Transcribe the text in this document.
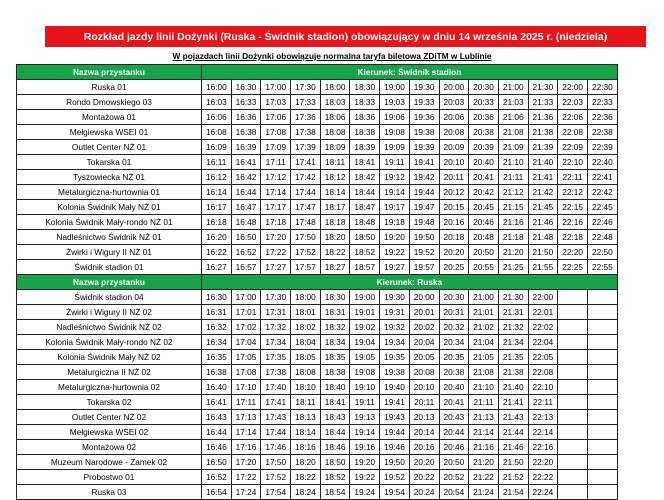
Rozkład jazdy linii Dożynki (Ruska - Świdnik stadion) obowiązujący w dniu 14 września 2025 r. (niedziela)
W pojazdach linii Dożynki obowiązuje normalna taryfa biletowa ZDiTM w Lublinie
Nazwa przystanku	Kierunek: Świdnik stadion													
Ruska 01	16:00	16:30	17:00	17:30	18:00	18:30	19:00	19:30	20:00	20:30	21:00	21:30	22:00	22:30
Rondo Dmowskiego 03	16:03	16:33	17:03	17:33	18:03	18:33	19:03	19:33	20:03	20:33	21:03	21:33	22:03	22:33
Montażowa 01	16:06	16:36	17:06	17:36	18:06	18:36	19:06	19:36	20:06	20:36	21:06	21:36	22:06	22:36
Mełgiewska WSEI 01	16:08	16:38	17:08	17:38	18:08	18:38	19:08	19:38	20:08	20:38	21:08	21:38	22:08	22:38
Outlet Center NŻ 01	16:09	16:39	17:09	17:39	18:09	18:39	19:09	19:39	20:09	20:39	21:09	21:39	22:09	22:39
Tokarska 01	16:11	16:41	17:11	17:41	18:11	18:41	19:11	19:41	20:10	20:40	21:10	21:40	22:10	22:40
Tyszowiecka NŻ 01	16:12	16:42	17:12	17:42	18:12	18:42	19:12	19:42	20:11	20:41	21:11	21:41	22:11	22:41
Metalurgiczna-hurtownia 01	16:14	16:44	17:14	17:44	18:14	18:44	19:14	19:44	20:12	20:42	21:12	21:42	22:12	22:42
Kolonia Świdnik Mały NŻ 01	16:17	16:47	17:17	17:47	18:17	18:47	19:17	19:47	20:15	20:45	21:15	21:45	22:15	22:45
Kolonia Świdnik Mały-rondo NŻ 01	16:18	16:48	17:18	17:48	18:18	18:48	19:18	19:48	20:16	20:46	21:16	21:46	22:16	22:46
Nadleśnictwo Świdnik NŻ 01	16:20	16:50	17:20	17:50	18:20	18:50	19:20	19:50	20:18	20:48	21:18	21:48	22:18	22:48
Żwirki i Wigury II NŻ 01	16:22	16:52	17:22	17:52	18:22	18:52	19:22	19:52	20:20	20:50	21:20	21:50	22:20	22:50
Świdnik stadion 01	16:27	16:57	17:27	17:57	18:27	18:57	19:27	19:57	20:25	20:55	21:25	21:55	22:25	22:55
Nazwa przystanku	Kierunek: Ruska													
Świdnik stadion 04	16:30	17:00	17:30	18:00	18:30	19:00	19:30	20:00	20:30	21:00	21:30	22:00		
Żwirki i Wigury II NŻ 02	16:31	17:01	17:31	18:01	18:31	19:01	19:31	20:01	20:31	21:01	21:31	22:01		
Nadleśnictwo Świdnik NŻ 02	16:32	17:02	17:32	18:02	18:32	19:02	19:32	20:02	20:32	21:02	21:32	22:02		
Kolonia Świdnik Mały-rondo NŻ 02	16:34	17:04	17:34	18:04	18:34	19:04	19:34	20:04	20:34	21:04	21:34	22:04		
Kolonia Świdnik Mały NŻ 02	16:35	17:05	17:35	18:05	18:35	19:05	19:35	20:05	20:35	21:05	21:35	22:05		
Metalurgiczna II NŻ 02	16:38	17:08	17:38	18:08	18:38	19:08	19:38	20:08	20:38	21:08	21:38	22:08		
Metalurgiczna-hurtownia 02	16:40	17:10	17:40	18:10	18:40	19:10	19:40	20:10	20:40	21:10	21:40	22:10		
Tokarska 02	16:41	17:11	17:41	18:11	18:41	19:11	19:41	20:11	20:41	21:11	21:41	22:11		
Outlet Center NŻ 02	16:43	17:13	17:43	18:13	18:43	19:13	19:43	20:13	20:43	21:13	21:43	22:13		
Mełgiewska WSEI 02	16:44	17:14	17:44	18:14	18:44	19:14	19:44	20:14	20:44	21:14	21:44	22:14		
Montażowa 02	16:46	17:16	17:46	18:16	18:46	19:16	19:46	20:16	20:46	21:16	21:46	22:16		
Muzeum Narodowe - Zamek 02	16:50	17:20	17:50	18:20	18:50	19:20	19:50	20:20	20:50	21:20	21:50	22:20		
Probostwo 01	16:52	17:22	17:52	18:22	18:52	19:22	19:52	20:22	20:52	21:22	21:52	22:22		
Ruska 03	16:54	17:24	17:54	18:24	18:54	19:24	19:54	20:24	20:54	21:24	21:54	22:24		
